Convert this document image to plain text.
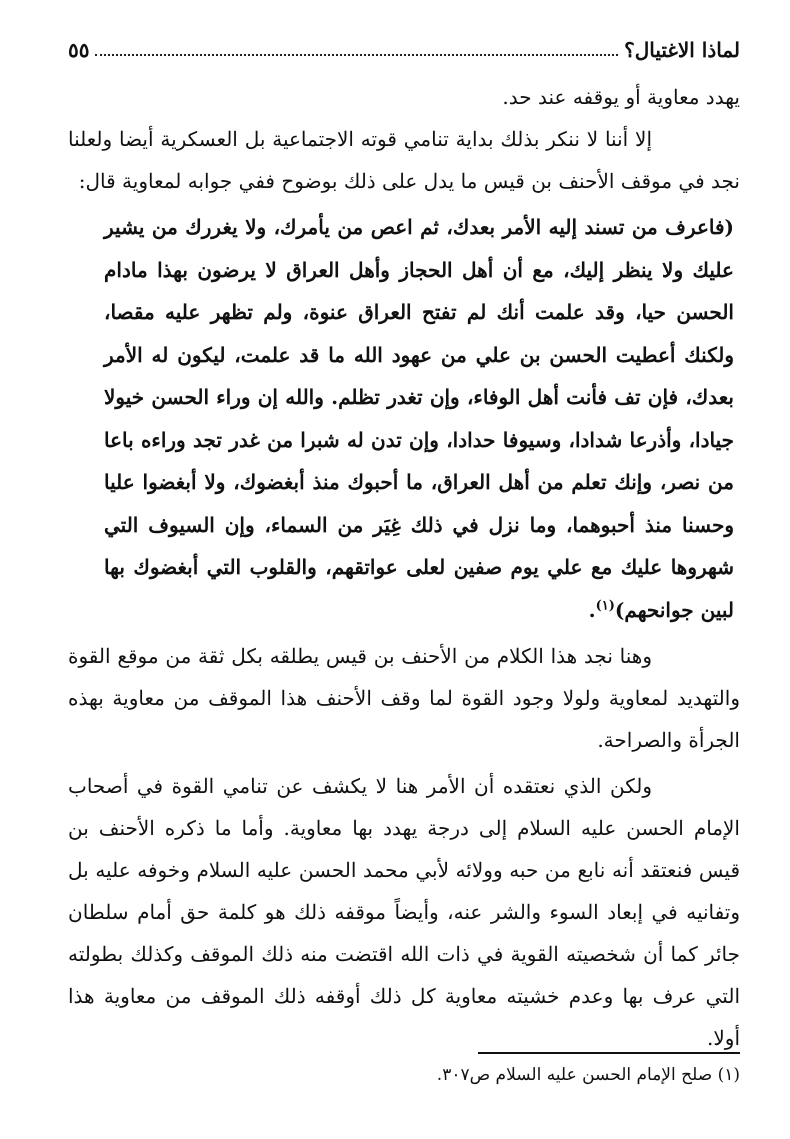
لماذا الاغتيال؟
٥٥

يهدد معاوية أو يوقفه عند حد.

إلا أننا لا ننكر بذلك بداية تنامي قوته الاجتماعية بل العسكرية أيضا ولعلنا نجد في موقف الأحنف بن قيس ما يدل على ذلك بوضوح ففي جوابه لمعاوية قال:

(فاعرف من تسند إليه الأمر بعدك، ثم اعص من يأمرك، ولا يغررك من يشير عليك ولا ينظر إليك، مع أن أهل الحجاز وأهل العراق لا يرضون بهذا مادام الحسن حيا، وقد علمت أنك لم تفتح العراق عنوة، ولم تظهر عليه مقصا، ولكنك أعطيت الحسن بن علي من عهود الله ما قد علمت، ليكون له الأمر بعدك، فإن تف فأنت أهل الوفاء، وإن تغدر تظلم. والله إن وراء الحسن خيولا جيادا، وأذرعا شدادا، وسيوفا حدادا، وإن تدن له شبرا من غدر تجد وراءه باعا من نصر، وإنك تعلم من أهل العراق، ما أحبوك منذ أبغضوك، ولا أبغضوا عليا وحسنا منذ أحبوهما، وما نزل في ذلك غِيَر من السماء، وإن السيوف التي شهروها عليك مع علي يوم صفين لعلى عواتقهم، والقلوب التي أبغضوك بها لبين جوانحهم)$^{(١)}$.

وهنا نجد هذا الكلام من الأحنف بن قيس يطلقه بكل ثقة من موقع القوة والتهديد لمعاوية ولولا وجود القوة لما وقف الأحنف هذا الموقف من معاوية بهذه الجرأة والصراحة.

ولكن الذي نعتقده أن الأمر هنا لا يكشف عن تنامي القوة في أصحاب الإمام الحسن عليه السلام إلى درجة يهدد بها معاوية. وأما ما ذكره الأحنف بن قيس فنعتقد أنه نابع من حبه وولائه لأبي محمد الحسن عليه السلام وخوفه عليه بل وتفانيه في إبعاد السوء والشر عنه، وأيضاً موقفه ذلك هو كلمة حق أمام سلطان جائر كما أن شخصيته القوية في ذات الله اقتضت منه ذلك الموقف وكذلك بطولته التي عرف بها وعدم خشيته معاوية كل ذلك أوقفه ذلك الموقف من معاوية هذا أولا.

(١) صلح الإمام الحسن عليه السلام ص٣٠٧.
